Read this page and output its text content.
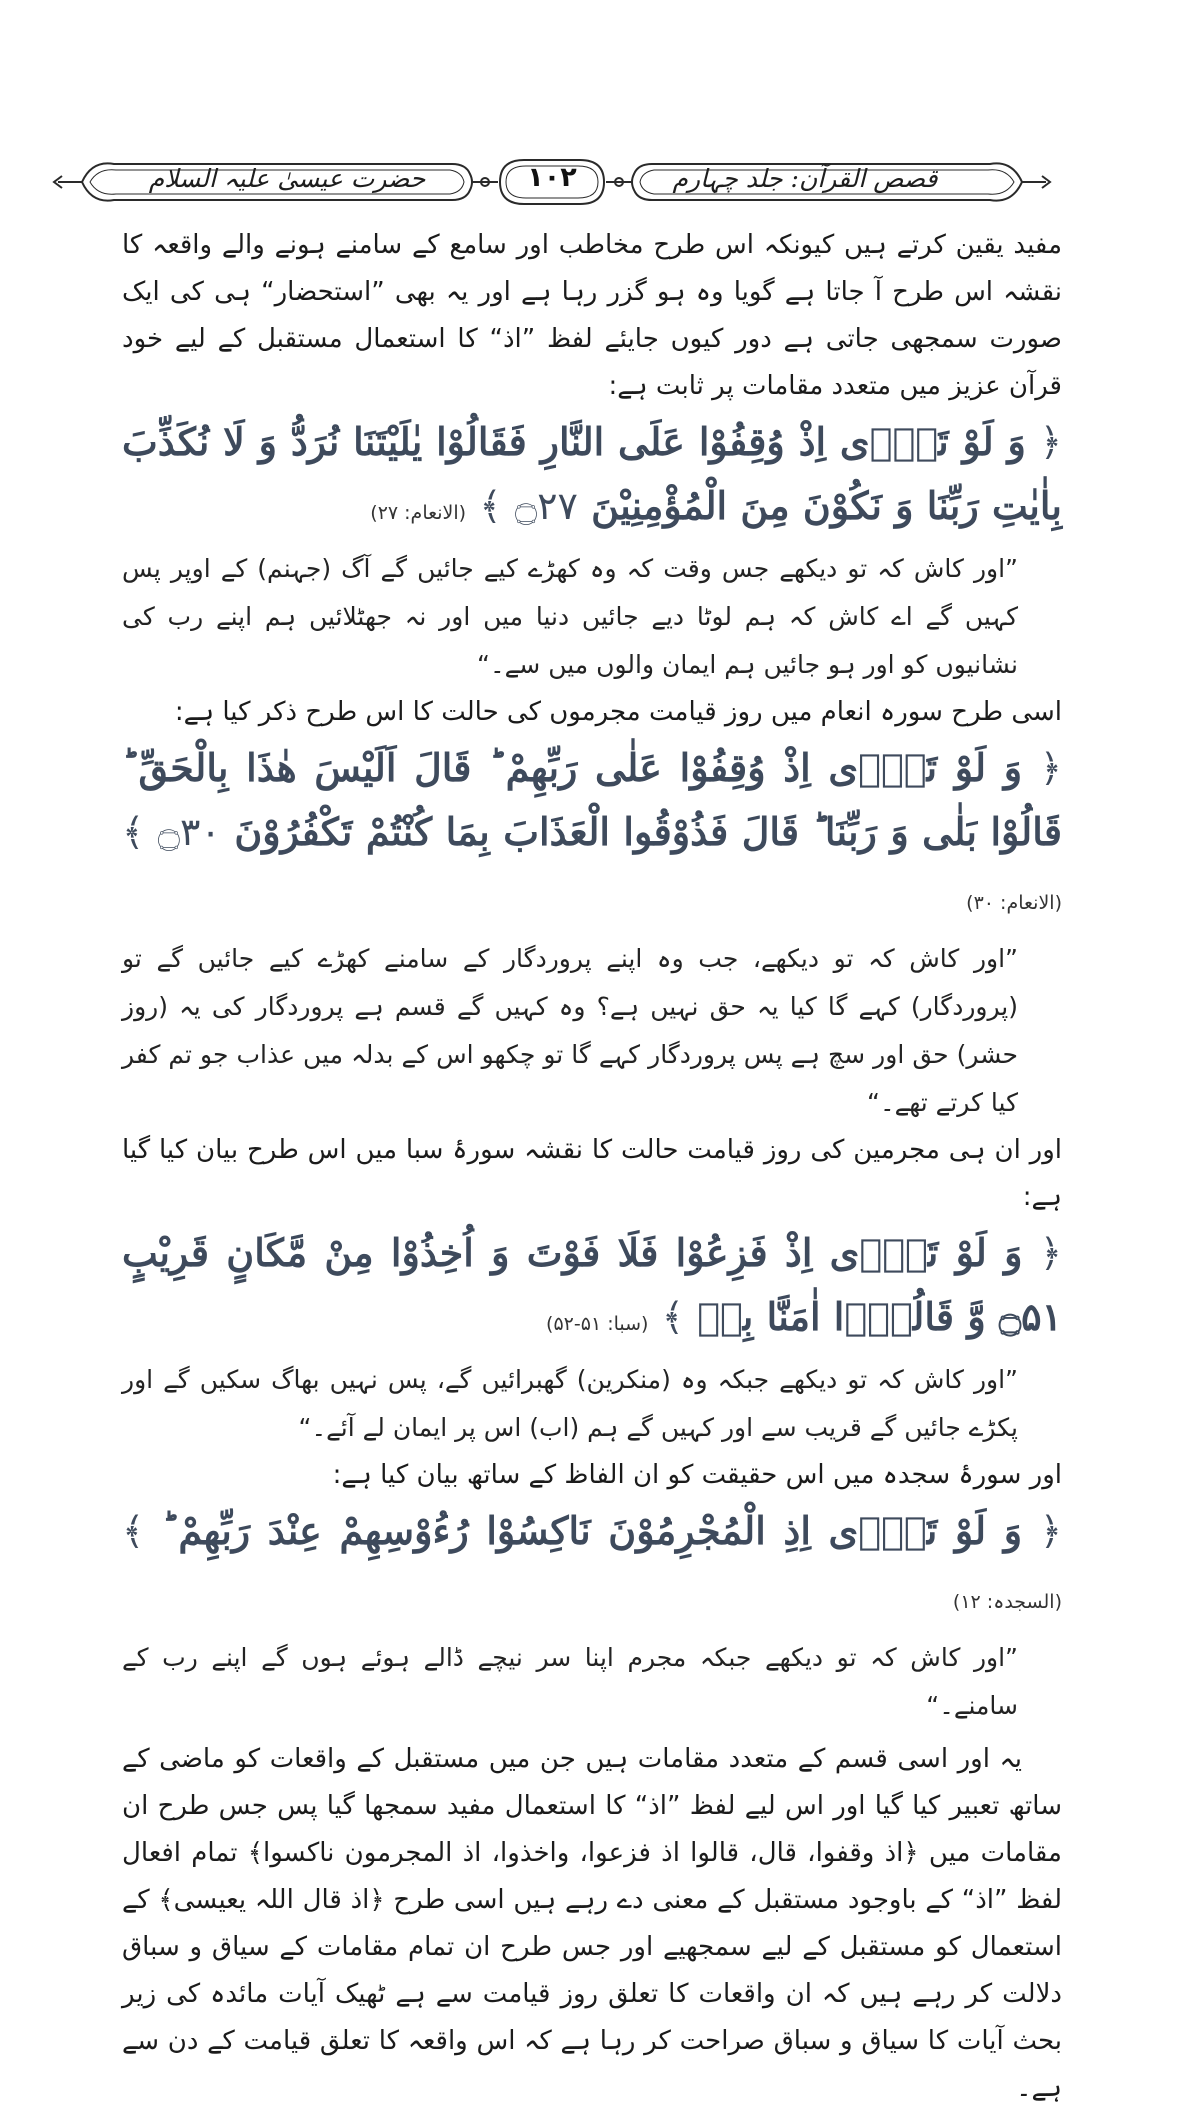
قصص القرآن: جلد چہارم
۱۰۲
حضرت عیسیٰ علیہ السلام

مفید یقین کرتے ہیں کیونکہ اس طرح مخاطب اور سامع کے سامنے ہونے والے واقعہ کا نقشہ اس طرح آ جاتا ہے گویا وہ ہو گزر رہا ہے اور یہ بھی ”استحضار“ ہی کی ایک صورت سمجھی جاتی ہے دور کیوں جایئے لفظ ”اذ“ کا استعمال مستقبل کے لیے خود قرآن عزیز میں متعدد مقامات پر ثابت ہے:

﴿ وَ لَوْ تَرٰۤی اِذْ وُقِفُوْا عَلَی النَّارِ فَقَالُوْا یٰلَیْتَنَا نُرَدُّ وَ لَا نُكَذِّبَ بِاٰیٰتِ رَبِّنَا وَ نَكُوْنَ مِنَ الْمُؤْمِنِیْنَ ۝۲۷ ﴾ (الانعام: ۲۷)

”اور کاش کہ تو دیکھے جس وقت کہ وہ کھڑے کیے جائیں گے آگ (جہنم) کے اوپر پس کہیں گے اے کاش کہ ہم لوٹا دیے جائیں دنیا میں اور نہ جھٹلائیں ہم اپنے رب کی نشانیوں کو اور ہو جائیں ہم ایمان والوں میں سے۔“

اسی طرح سورہ انعام میں روز قیامت مجرموں کی حالت کا اس طرح ذکر کیا ہے:

﴿ وَ لَوْ تَرٰۤی اِذْ وُقِفُوْا عَلٰی رَبِّهِمْ ؕ قَالَ اَلَیْسَ هٰذَا بِالْحَقِّ ؕ قَالُوْا بَلٰی وَ رَبِّنَا ؕ قَالَ فَذُوْقُوا الْعَذَابَ بِمَا كُنْتُمْ تَكْفُرُوْنَ ۝۳۰ ﴾ (الانعام: ۳۰)

”اور کاش کہ تو دیکھے، جب وہ اپنے پروردگار کے سامنے کھڑے کیے جائیں گے تو (پروردگار) کہے گا کیا یہ حق نہیں ہے؟ وہ کہیں گے قسم ہے پروردگار کی یہ (روز حشر) حق اور سچ ہے پس پروردگار کہے گا تو چکھو اس کے بدلہ میں عذاب جو تم کفر کیا کرتے تھے۔“

اور ان ہی مجرمین کی روز قیامت حالت کا نقشہ سورۂ سبا میں اس طرح بیان کیا گیا ہے:

﴿ وَ لَوْ تَرٰۤی اِذْ فَزِعُوْا فَلَا فَوْتَ وَ اُخِذُوْا مِنْ مَّكَانٍ قَرِیْبٍ ۝۵۱ وَّ قَالُوْۤا اٰمَنَّا بِهٖ ﴾ (سبا: ۵۱-۵۲)

”اور کاش کہ تو دیکھے جبکہ وہ (منکرین) گھبرائیں گے، پس نہیں بھاگ سکیں گے اور پکڑے جائیں گے قریب سے اور کہیں گے ہم (اب) اس پر ایمان لے آئے۔“

اور سورۂ سجدہ میں اس حقیقت کو ان الفاظ کے ساتھ بیان کیا ہے:

﴿ وَ لَوْ تَرٰۤی اِذِ الْمُجْرِمُوْنَ نَاكِسُوْا رُءُوْسِهِمْ عِنْدَ رَبِّهِمْ ؕ ﴾ (السجدہ: ۱۲)

”اور کاش کہ تو دیکھے جبکہ مجرم اپنا سر نیچے ڈالے ہوئے ہوں گے اپنے رب کے سامنے۔“

یہ اور اسی قسم کے متعدد مقامات ہیں جن میں مستقبل کے واقعات کو ماضی کے ساتھ تعبیر کیا گیا اور اس لیے لفظ ”اذ“ کا استعمال مفید سمجھا گیا پس جس طرح ان مقامات میں ﴿اذ وقفوا، قال، قالوا اذ فزعوا، واخذوا، اذ المجرمون ناکسوا﴾ تمام افعال لفظ ”اذ“ کے باوجود مستقبل کے معنی دے رہے ہیں اسی طرح ﴿اذ قال اللہ یعیسی﴾ کے استعمال کو مستقبل کے لیے سمجھیے اور جس طرح ان تمام مقامات کے سیاق و سباق دلالت کر رہے ہیں کہ ان واقعات کا تعلق روز قیامت سے ہے ٹھیک آیات مائدہ کی زیر بحث آیات کا سیاق و سباق صراحت کر رہا ہے کہ اس واقعہ کا تعلق قیامت کے دن سے ہے۔
